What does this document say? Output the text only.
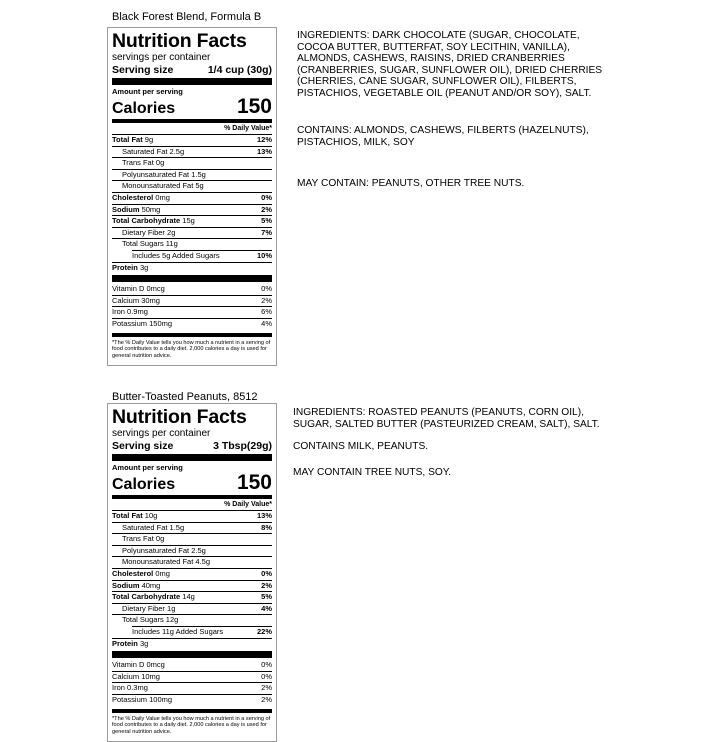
Black Forest Blend, Formula B
Nutrition Facts
servings per container
Serving size	1/4 cup (30g)
Amount per serving
Calories	150
% Daily Value*
Total Fat 9g	12%
Saturated Fat 2.5g	13%
Trans Fat 0g
Polyunsaturated Fat 1.5g
Monounsaturated Fat 5g
Cholesterol 0mg	0%
Sodium 50mg	2%
Total Carbohydrate 15g	5%
Dietary Fiber 2g	7%
Total Sugars 11g
Includes 5g Added Sugars	10%
Protein 3g
Vitamin D 0mcg	0%
Calcium 30mg	2%
Iron 0.9mg	6%
Potassium 150mg	4%
*The % Daily Value tells you how much a nutrient in a serving of food contributes to a daily diet. 2,000 calories a day is used for general nutrition advice.
INGREDIENTS: DARK CHOCOLATE (SUGAR, CHOCOLATE,
COCOA BUTTER, BUTTERFAT, SOY LECITHIN, VANILLA),
ALMONDS, CASHEWS, RAISINS, DRIED CRANBERRIES
(CRANBERRIES, SUGAR, SUNFLOWER OIL), DRIED CHERRIES
(CHERRIES, CANE SUGAR, SUNFLOWER OIL), FILBERTS,
PISTACHIOS, VEGETABLE OIL (PEANUT AND/OR SOY), SALT.
CONTAINS: ALMONDS, CASHEWS, FILBERTS (HAZELNUTS),
PISTACHIOS, MILK, SOY
MAY CONTAIN: PEANUTS, OTHER TREE NUTS.
Butter-Toasted Peanuts, 8512
Nutrition Facts
servings per container
Serving size	3 Tbsp(29g)
Amount per serving
Calories	150
% Daily Value*
Total Fat 10g	13%
Saturated Fat 1.5g	8%
Trans Fat 0g
Polyunsaturated Fat 2.5g
Monounsaturated Fat 4.5g
Cholesterol 0mg	0%
Sodium 40mg	2%
Total Carbohydrate 14g	5%
Dietary Fiber 1g	4%
Total Sugars 12g
Includes 11g Added Sugars	22%
Protein 3g
Vitamin D 0mcg	0%
Calcium 10mg	0%
Iron 0.3mg	2%
Potassium 100mg	2%
*The % Daily Value tells you how much a nutrient in a serving of food contributes to a daily diet. 2,000 calories a day is used for general nutrition advice.
INGREDIENTS: ROASTED PEANUTS (PEANUTS, CORN OIL),
SUGAR, SALTED BUTTER (PASTEURIZED CREAM, SALT), SALT.
CONTAINS MILK, PEANUTS.
MAY CONTAIN TREE NUTS, SOY.
